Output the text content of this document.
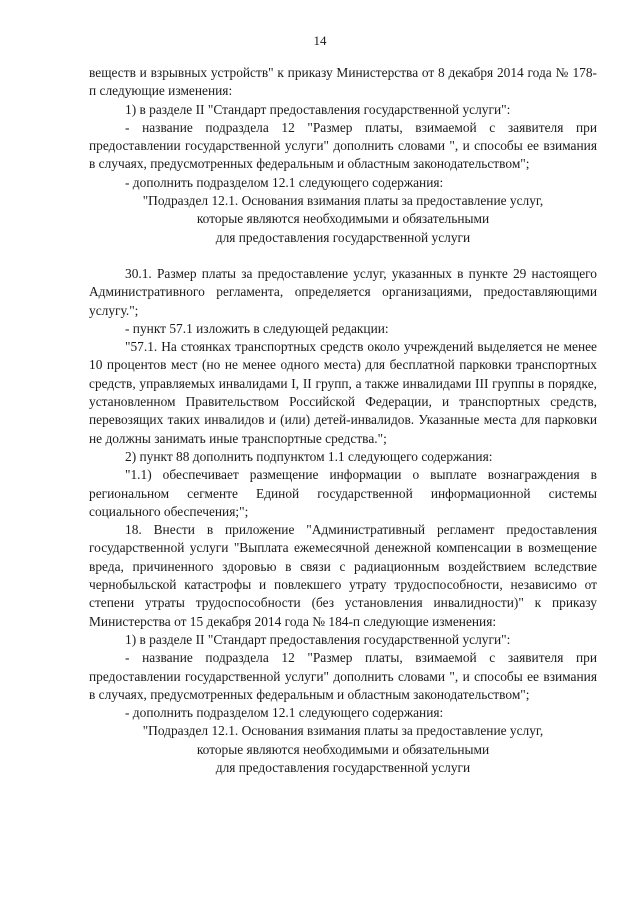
14

веществ и взрывных устройств" к приказу Министерства от 8 декабря 2014 года № 178-п следующие изменения:

1) в разделе II "Стандарт предоставления государственной услуги":

- название подраздела 12 "Размер платы, взимаемой с заявителя при предоставлении государственной услуги" дополнить словами ", и способы ее взимания в случаях, предусмотренных федеральным и областным законодательством";

- дополнить подразделом 12.1 следующего содержания:

"Подраздел 12.1. Основания взимания платы за предоставление услуг,

которые являются необходимыми и обязательными

для предоставления государственной услуги

30.1. Размер платы за предоставление услуг, указанных в пункте 29 настоящего Административного регламента, определяется организациями, предоставляющими услугу.";

- пункт 57.1 изложить в следующей редакции:

"57.1. На стоянках транспортных средств около учреждений выделяется не менее 10 процентов мест (но не менее одного места) для бесплатной парковки транспортных средств, управляемых инвалидами I, II групп, а также инвалидами III группы в порядке, установленном Правительством Российской Федерации, и транспортных средств, перевозящих таких инвалидов и (или) детей-инвалидов. Указанные места для парковки не должны занимать иные транспортные средства.";

2) пункт 88 дополнить подпунктом 1.1 следующего содержания:

"1.1) обеспечивает размещение информации о выплате вознаграждения в региональном сегменте Единой государственной информационной системы социального обеспечения;";

18. Внести в приложение "Административный регламент предоставления государственной услуги "Выплата ежемесячной денежной компенсации в возмещение вреда, причиненного здоровью в связи с радиационным воздействием вследствие чернобыльской катастрофы и повлекшего утрату трудоспособности, независимо от степени утраты трудоспособности (без установления инвалидности)" к приказу Министерства от 15 декабря 2014 года № 184-п следующие изменения:

1) в разделе II "Стандарт предоставления государственной услуги":

- название подраздела 12 "Размер платы, взимаемой с заявителя при предоставлении государственной услуги" дополнить словами ", и способы ее взимания в случаях, предусмотренных федеральным и областным законодательством";

- дополнить подразделом 12.1 следующего содержания:

"Подраздел 12.1. Основания взимания платы за предоставление услуг,

которые являются необходимыми и обязательными

для предоставления государственной услуги
